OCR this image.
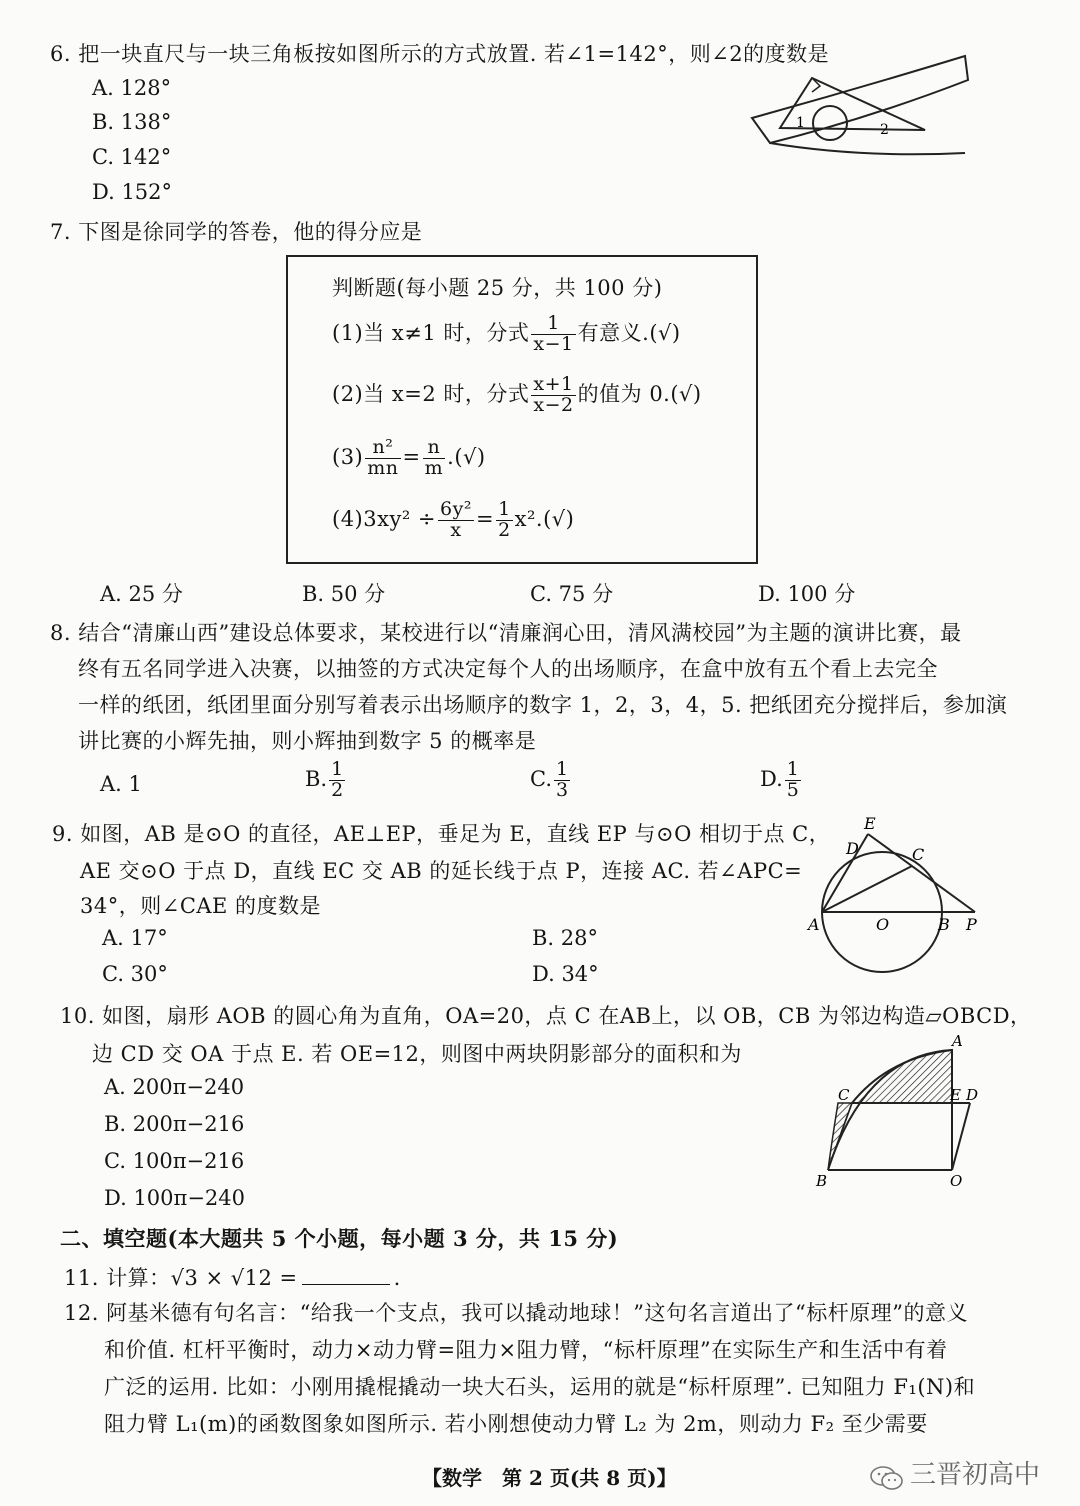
6. 把一块直尺与一块三角板按如图所示的方式放置. 若∠1=142°，则∠2的度数是
A. 128°
B. 138°
C. 142°
D. 152°
1	2
7. 下图是徐同学的答卷，他的得分应是
判断题(每小题 25 分，共 100 分)
(1)当 x≠1 时，分式 $\frac{1}{x-1}$ 有意义.(√)
(2)当 x=2 时，分式 $\frac{x+1}{x-2}$ 的值为 0.(√)
$(3) \frac{\text{n²}}{mn} = \frac{n}{m}$ .(√)
$(4)3xy^2 \div \frac{\text{6y²}}{x} = \frac{1}{2} x^2.(√)$
A. 25 分	B. 50 分	C. 75 分	D. 100 分
8. 结合“清廉山西”建设总体要求，某校进行以“清廉润心田，清风满校园”为主题的演讲比赛，最
终有五名同学进入决赛，以抽签的方式决定每个人的出场顺序，在盒中放有五个看上去完全
一样的纸团，纸团里面分别写着表示出场顺序的数字 1，2，3，4，5. 把纸团充分搅拌后，参加演
讲比赛的小辉先抽，则小辉抽到数字 5 的概率是
A. 1	B. $\frac{1}{2}$	C. $\frac{1}{3}$	D. $\frac{1}{5}$
9. 如图，AB 是⊙O 的直径，AE⊥EP，垂足为 E，直线 EP 与⊙O 相切于点 C，
AE 交⊙O 于点 D，直线 EC 交 AB 的延长线于点 P，连接 AC. 若∠APC=
34°，则∠CAE 的度数是
A. 17°	B. 28°
C. 30°	D. 34°
E
D	C
A	O	B P
10. 如图，扇形 AOB 的圆心角为直角，OA=20，点 C 在AB上，以 OB，CB 为邻边构造▱OBCD，
边 CD 交 OA 于点 E. 若 OE=12，则图中两块阴影部分的面积和为
A. 200π−240
B. 200π−216
C. 100π−216
D. 100π−240
A
C	E D
B	O
二、填空题(本大题共 5 个小题，每小题 3 分，共 15 分)
11. 计算：√3 × √12 =	.
12. 阿基米德有句名言：“给我一个支点，我可以撬动地球！”这句名言道出了“标杆原理”的意义
和价值. 杠杆平衡时，动力×动力臂=阻力×阻力臂，“标杆原理”在实际生产和生活中有着
广泛的运用. 比如：小刚用撬棍撬动一块大石头，运用的就是“标杆原理”. 已知阻力 F₁(N)和
阻力臂 L₁(m)的函数图象如图所示. 若小刚想使动力臂 L₂ 为 2m，则动力 F₂ 至少需要
【数学　第 2 页(共 8 页)】	三晋初高中
